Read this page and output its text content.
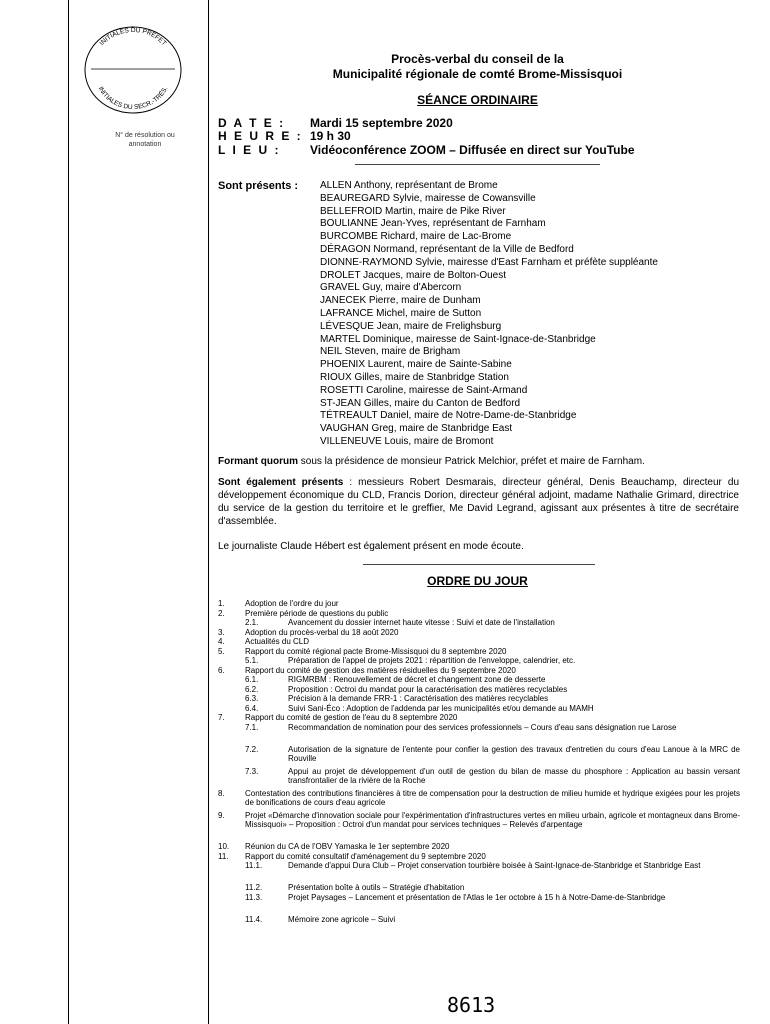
INITIALES DU PRÉFET
INITIALES DU SECR.-TRÉS.
N° de résolution ou annotation
Procès-verbal du conseil de la
Municipalité régionale de comté Brome-Missisquoi
SÉANCE ORDINAIRE
D A T E : Mardi 15 septembre 2020
H E U R E : 19 h 30
L I E U : Vidéoconférence ZOOM – Diffusée en direct sur YouTube
Sont présents : ALLEN Anthony, représentant de Brome
BEAUREGARD Sylvie, mairesse de Cowansville
BELLEFROID Martin, maire de Pike River
BOULIANNE Jean-Yves, représentant de Farnham
BURCOMBE Richard, maire de Lac-Brome
DÉRAGON Normand, représentant de la Ville de Bedford
DIONNE-RAYMOND Sylvie, mairesse d'East Farnham et préfète suppléante
DROLET Jacques, maire de Bolton-Ouest
GRAVEL Guy, maire d'Abercorn
JANECEK Pierre, maire de Dunham
LAFRANCE Michel, maire de Sutton
LÉVESQUE Jean, maire de Frelighsburg
MARTEL Dominique, mairesse de Saint-Ignace-de-Stanbridge
NEIL Steven, maire de Brigham
PHOENIX Laurent, maire de Sainte-Sabine
RIOUX Gilles, maire de Stanbridge Station
ROSETTI Caroline, mairesse de Saint-Armand
ST-JEAN Gilles, maire du Canton de Bedford
TÉTREAULT Daniel, maire de Notre-Dame-de-Stanbridge
VAUGHAN Greg, maire de Stanbridge East
VILLENEUVE Louis, maire de Bromont
Formant quorum sous la présidence de monsieur Patrick Melchior, préfet et maire de Farnham.
Sont également présents : messieurs Robert Desmarais, directeur général, Denis Beauchamp, directeur du développement économique du CLD, Francis Dorion, directeur général adjoint, madame Nathalie Grimard, directrice du service de la gestion du territoire et le greffier, Me David Legrand, agissant aux présentes à titre de secrétaire d'assemblée.
Le journaliste Claude Hébert est également présent en mode écoute.
ORDRE DU JOUR
1.	Adoption de l'ordre du jour
2.	Première période de questions du public
2.1.	Avancement du dossier internet haute vitesse : Suivi et date de l'installation
3.	Adoption du procès-verbal du 18 août 2020
4.	Actualités du CLD
5.	Rapport du comité régional pacte Brome-Missisquoi du 8 septembre 2020
5.1.	Préparation de l'appel de projets 2021 : répartition de l'enveloppe, calendrier, etc.
6.	Rapport du comité de gestion des matières résiduelles du 9 septembre 2020
6.1.	RIGMRBM : Renouvellement de décret et changement zone de desserte
6.2.	Proposition : Octroi du mandat pour la caractérisation des matières recyclables
6.3.	Précision à la demande FRR-1 : Caractérisation des matières recyclables
6.4.	Suivi Sani-Éco : Adoption de l'addenda par les municipalités et/ou demande au MAMH
7.	Rapport du comité de gestion de l'eau du 8 septembre 2020
7.1.	Recommandation de nomination pour des services professionnels – Cours d'eau sans désignation rue Larose
7.2.	Autorisation de la signature de l'entente pour confier la gestion des travaux d'entretien du cours d'eau Lanoue à la MRC de Rouville
7.3.	Appui au projet de développement d'un outil de gestion du bilan de masse du phosphore : Application au bassin versant transfrontalier de la rivière de la Roche
8.	Contestation des contributions financières à titre de compensation pour la destruction de milieu humide et hydrique exigées pour les projets de bonifications de cours d'eau agricole
9.	Projet «Démarche d'innovation sociale pour l'expérimentation d'infrastructures vertes en milieu urbain, agricole et montagneux dans Brome-Missisquoi» – Proposition : Octroi d'un mandat pour services techniques – Relevés d'arpentage
10. Réunion du CA de l'OBV Yamaska le 1er septembre 2020
11. Rapport du comité consultatif d'aménagement du 9 septembre 2020
11.1.	Demande d'appui Dura Club – Projet conservation tourbière boisée à Saint-Ignace-de-Stanbridge et Stanbridge East
11.2.	Présentation boîte à outils – Stratégie d'habitation
11.3.	Projet Paysages – Lancement et présentation de l'Atlas le 1er octobre à 15 h à Notre-Dame-de-Stanbridge
11.4.	Mémoire zone agricole – Suivi
8613
